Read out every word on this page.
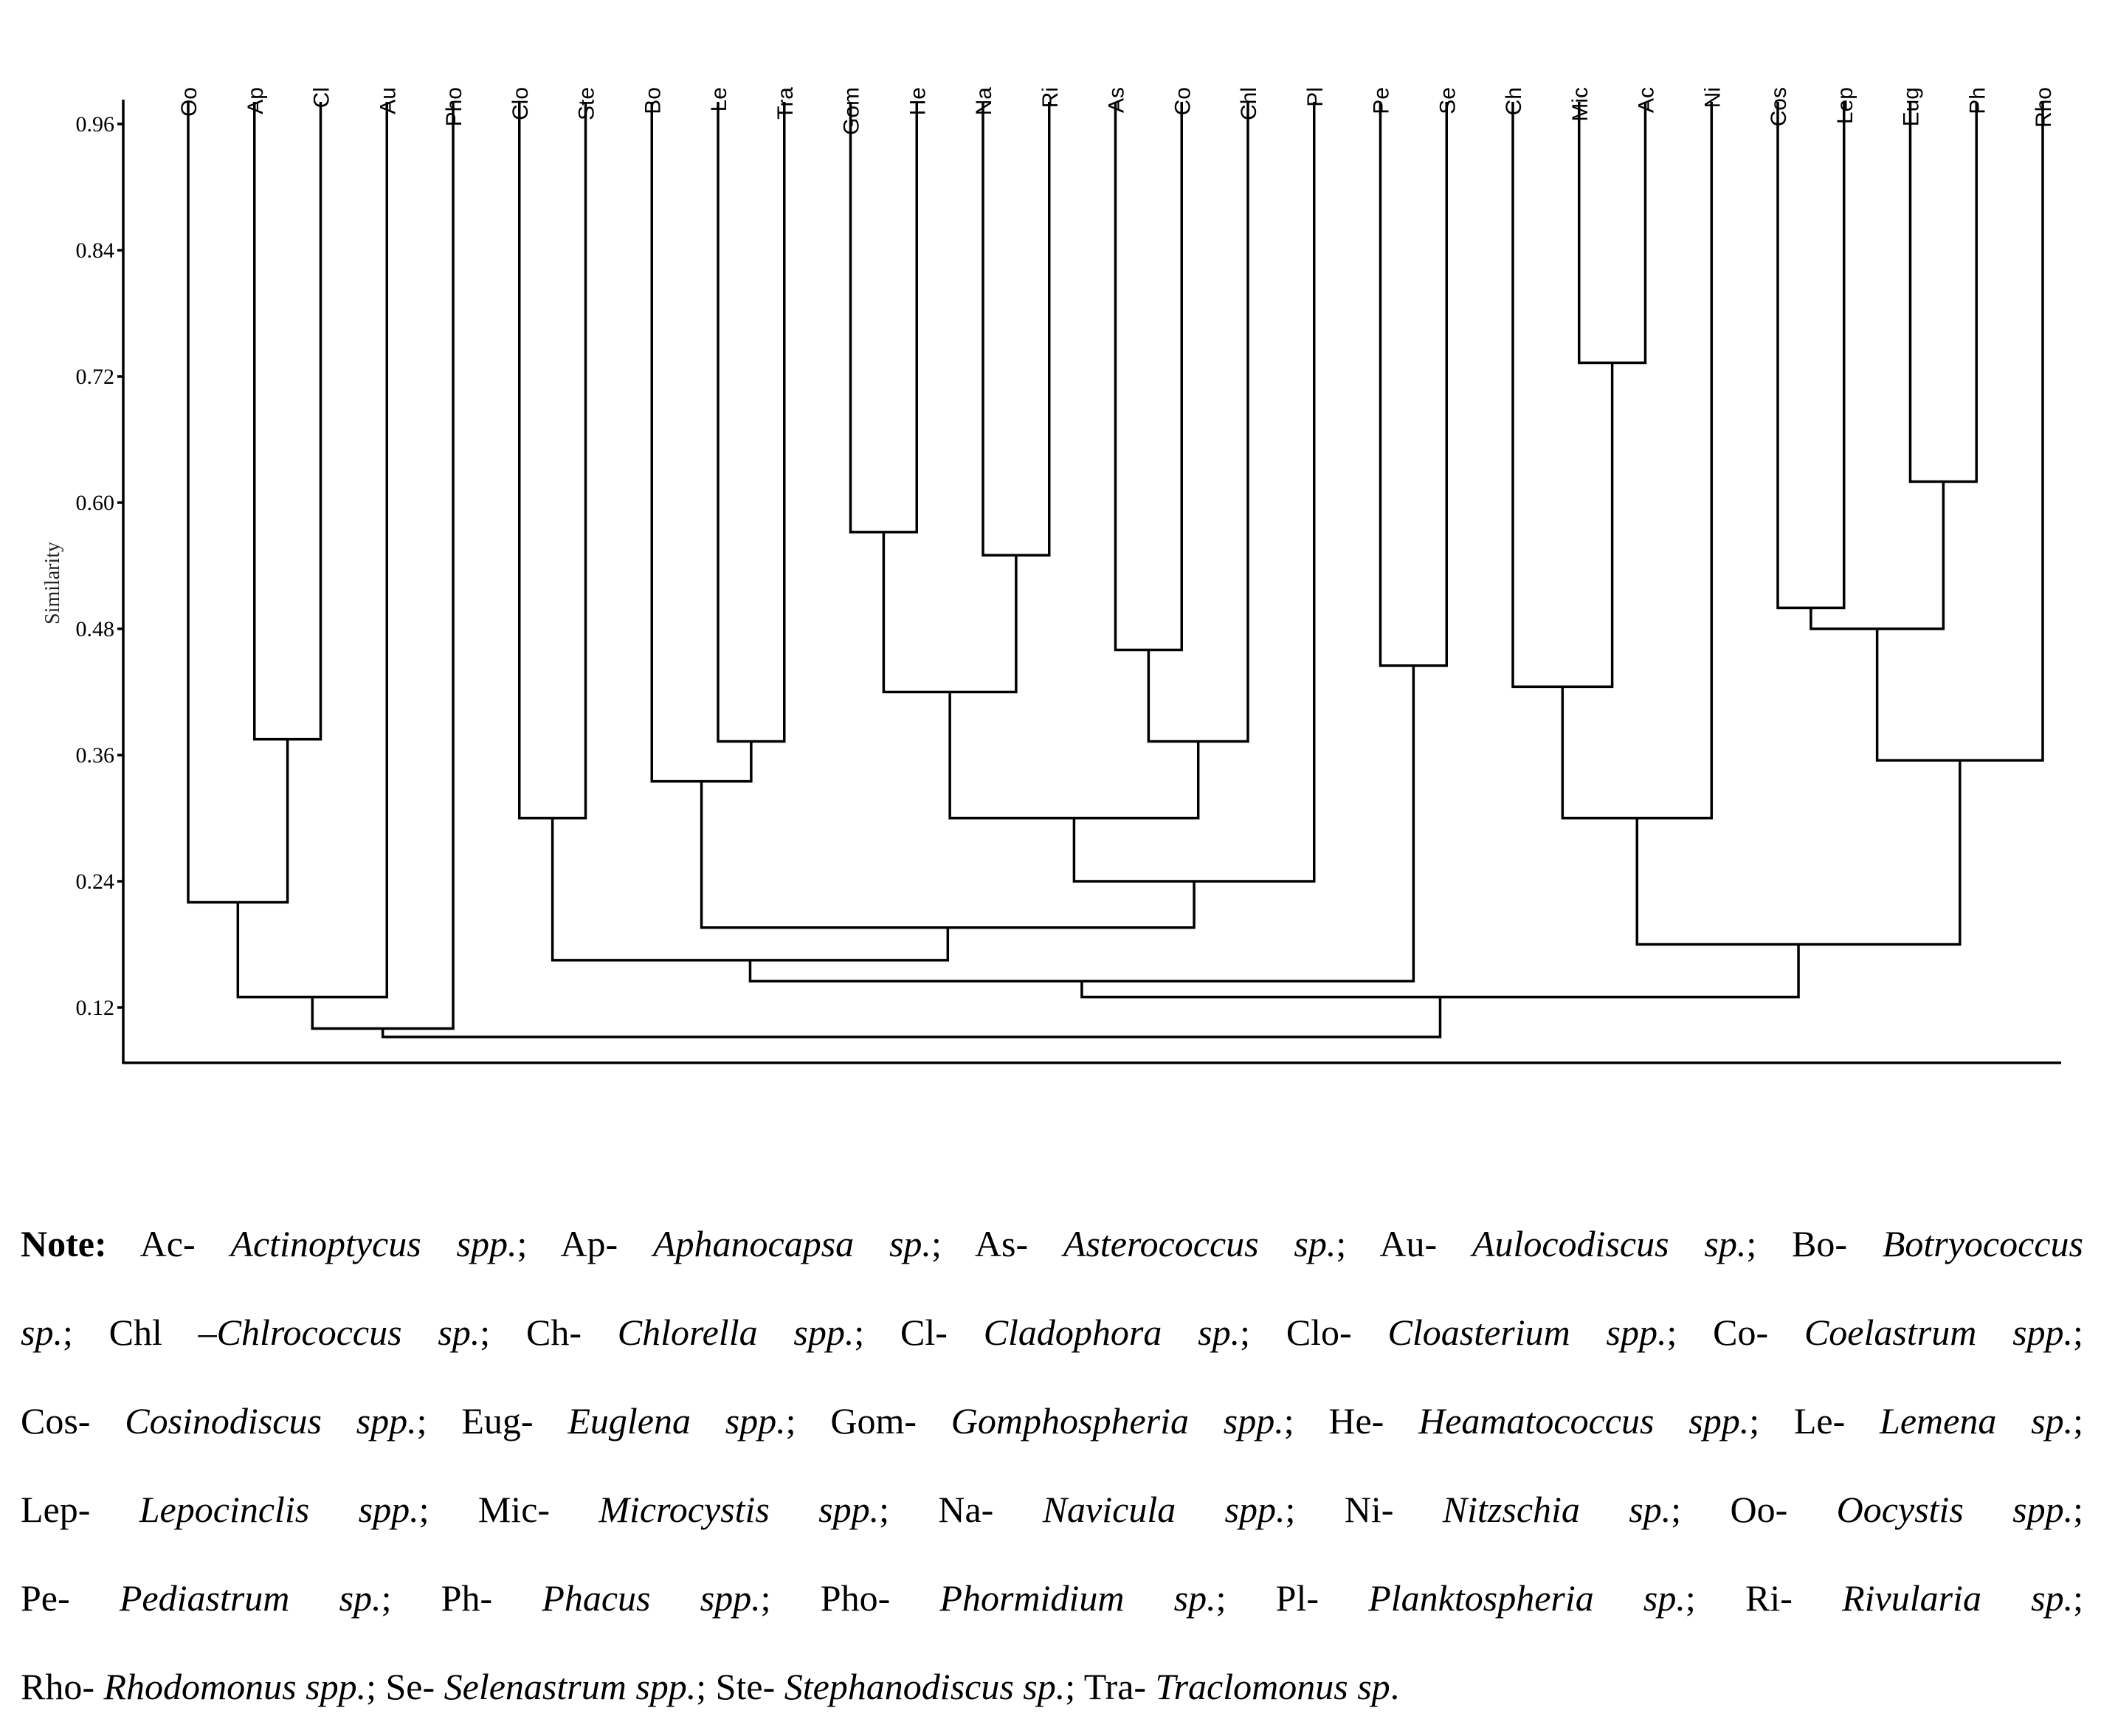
0.96
0.84
0.72
0.60
0.48
0.36
0.24
0.12
Similarity
Oo Ap Cl Au Pho Clo Ste Bo Le Tra Gom He Na Ri As Co Chl Pl Pe Se Ch Mic Ac Ni Cos Lep Eug Ph Rho
Note: Ac- Actinoptycus spp.; Ap- Aphanocapsa sp.; As- Asterococcus sp.; Au- Aulocodiscus sp.; Bo- Botryococcus
sp.; Chl –Chlrococcus sp.; Ch- Chlorella spp.; Cl- Cladophora sp.; Clo- Cloasterium spp.; Co- Coelastrum spp.;
Cos- Cosinodiscus spp.; Eug- Euglena spp.; Gom- Gomphospheria spp.; He- Heamatococcus spp.; Le- Lemena sp.;
Lep- Lepocinclis spp.; Mic- Microcystis spp.; Na- Navicula spp.; Ni- Nitzschia sp.; Oo- Oocystis spp.;
Pe- Pediastrum sp.; Ph- Phacus spp.; Pho- Phormidium sp.; Pl- Planktospheria sp.; Ri- Rivularia sp.;
Rho- Rhodomonus spp.; Se- Selenastrum spp.; Ste- Stephanodiscus sp.; Tra- Traclomonus sp.
